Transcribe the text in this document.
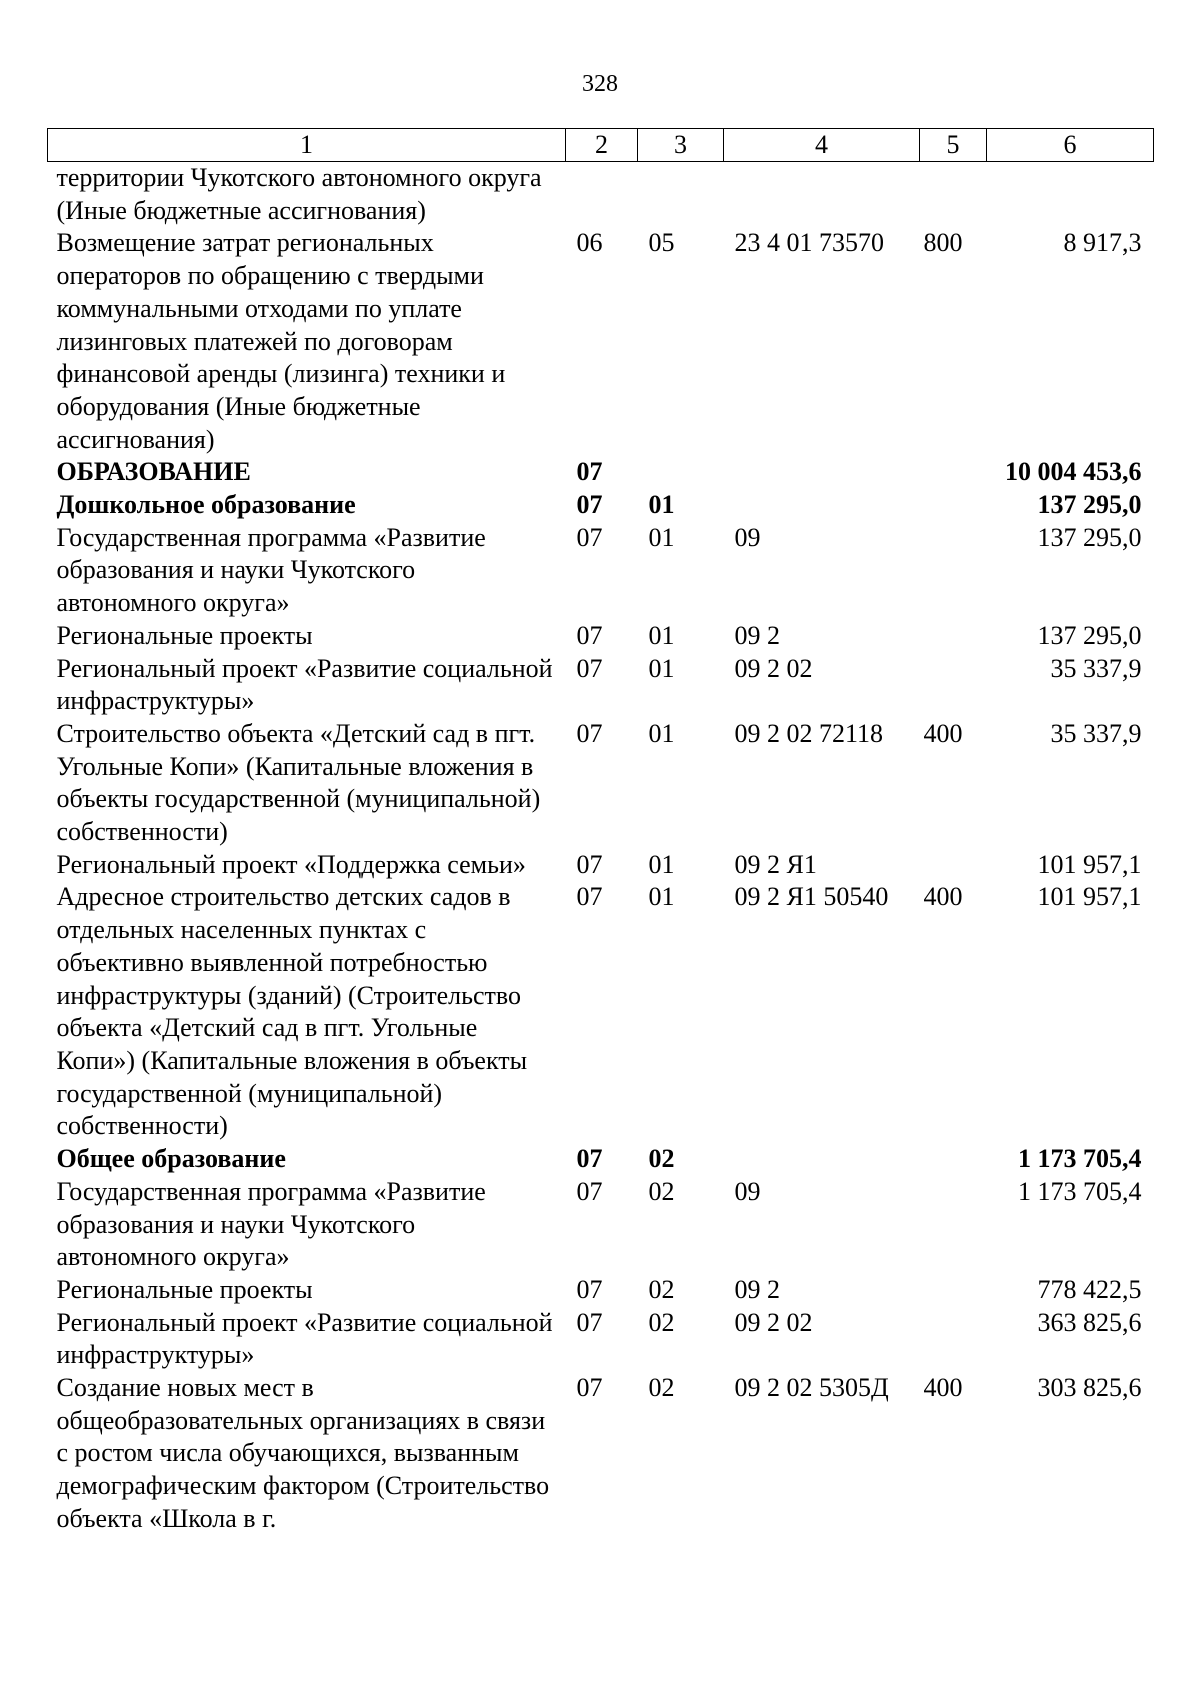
328
1	2	3	4	5	6
территории Чукотского автономного округа (Иные бюджетные ассигнования)					
Возмещение затрат региональных операторов по обращению с твердыми коммунальными отходами по уплате лизинговых платежей по договорам финансовой аренды (лизинга) техники и оборудования (Иные бюджетные ассигнования)	06	05	23 4 01 73570	800	8 917,3
ОБРАЗОВАНИЕ	07				10 004 453,6
Дошкольное образование	07	01			137 295,0
Государственная программа «Развитие образования и науки Чукотского автономного округа»	07	01	09		137 295,0
Региональные проекты	07	01	09 2		137 295,0
Региональный проект «Развитие социальной инфраструктуры»	07	01	09 2 02		35 337,9
Строительство объекта «Детский сад в пгт. Угольные Копи» (Капитальные вложения в объекты государственной (муниципальной) собственности)	07	01	09 2 02 72118	400	35 337,9
Региональный проект «Поддержка семьи»	07	01	09 2 Я1		101 957,1
Адресное строительство детских садов в отдельных населенных пунктах с объективно выявленной потребностью инфраструктуры (зданий) (Строительство объекта «Детский сад в пгт. Угольные Копи») (Капитальные вложения в объекты государственной (муниципальной) собственности)	07	01	09 2 Я1 50540	400	101 957,1
Общее образование	07	02			1 173 705,4
Государственная программа «Развитие образования и науки Чукотского автономного округа»	07	02	09		1 173 705,4
Региональные проекты	07	02	09 2		778 422,5
Региональный проект «Развитие социальной инфраструктуры»	07	02	09 2 02		363 825,6
Создание новых мест в общеобразовательных организациях в связи с ростом числа обучающихся, вызванным демографическим фактором (Строительство объекта «Школа в г.	07	02	09 2 02 5305Д	400	303 825,6
